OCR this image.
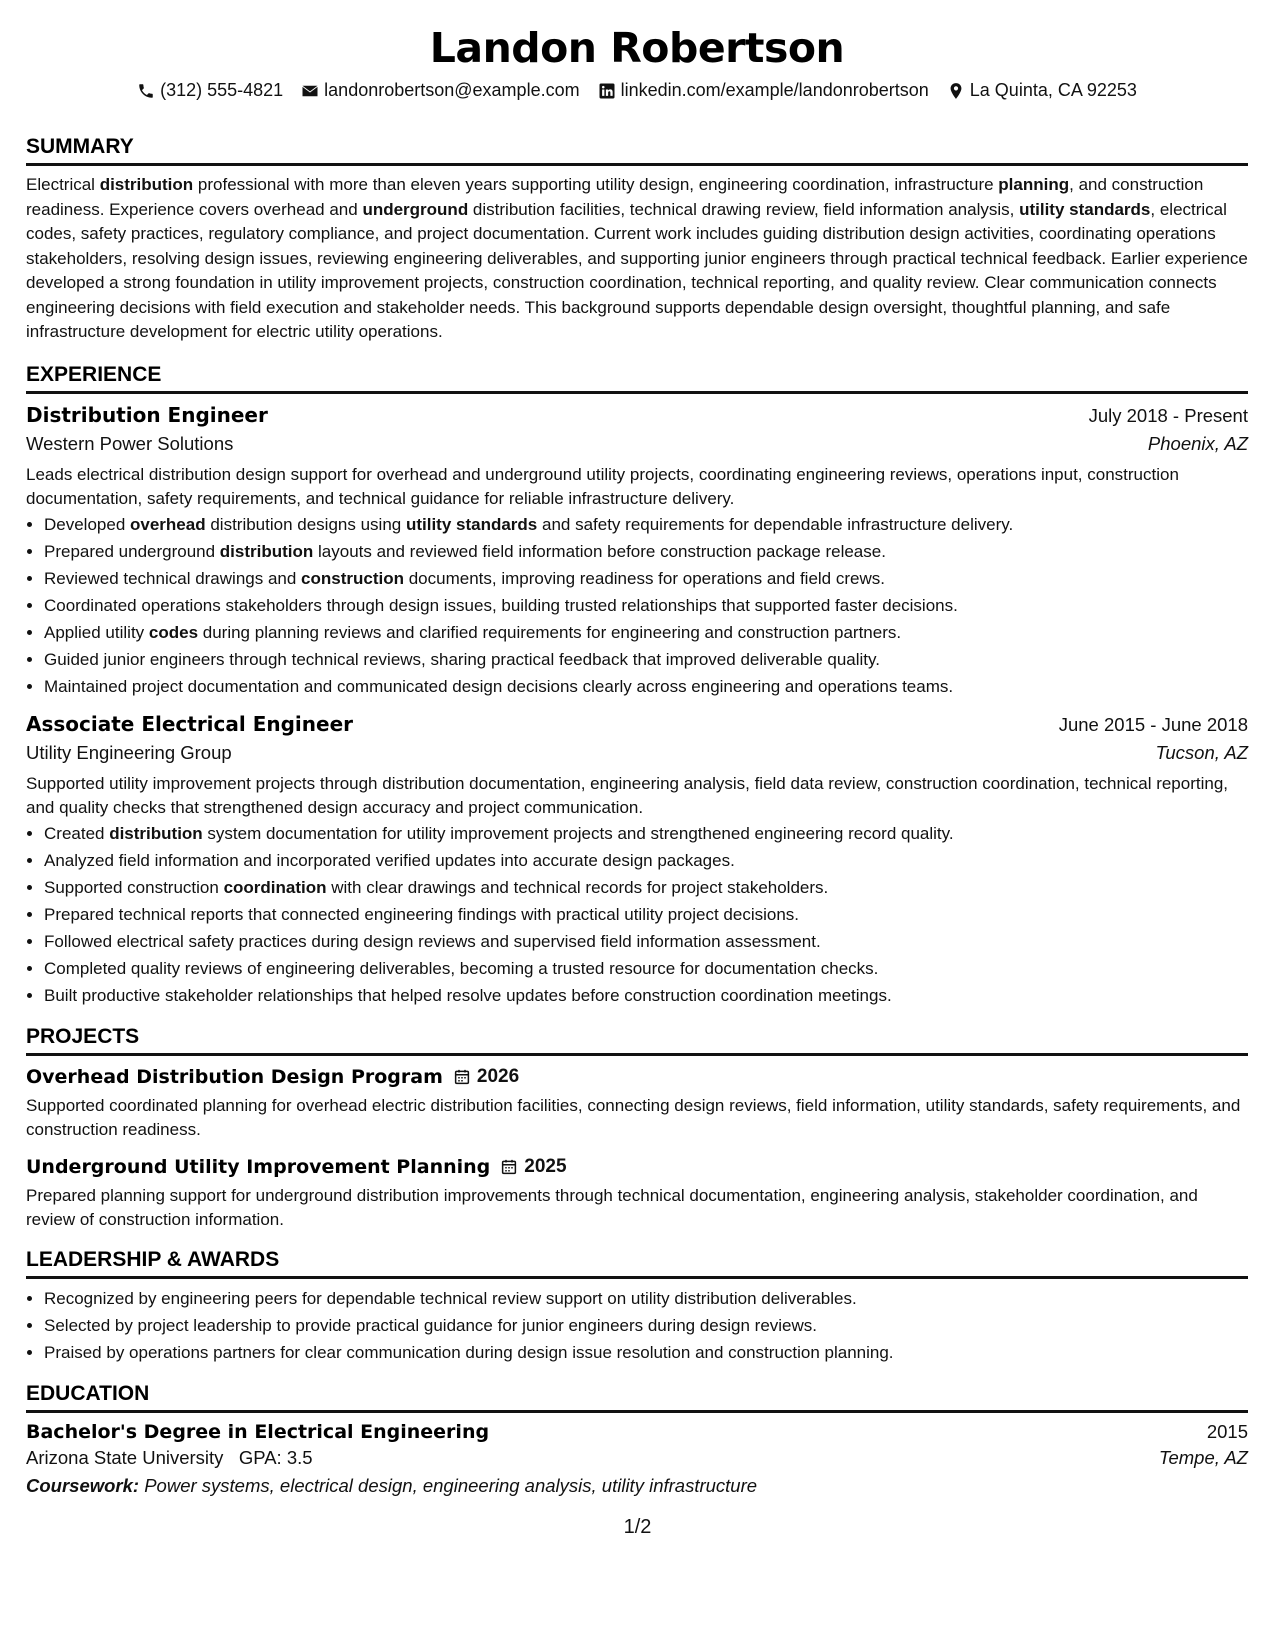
Landon Robertson
(312) 555-4821 landonrobertson@example.com linkedin.com/example/landonrobertson La Quinta, CA 92253
SUMMARY
Electrical distribution professional with more than eleven years supporting utility design, engineering coordination, infrastructure planning, and construction readiness. Experience covers overhead and underground distribution facilities, technical drawing review, field information analysis, utility standards, electrical codes, safety practices, regulatory compliance, and project documentation. Current work includes guiding distribution design activities, coordinating operations stakeholders, resolving design issues, reviewing engineering deliverables, and supporting junior engineers through practical technical feedback. Earlier experience developed a strong foundation in utility improvement projects, construction coordination, technical reporting, and quality review. Clear communication connects engineering decisions with field execution and stakeholder needs. This background supports dependable design oversight, thoughtful planning, and safe infrastructure development for electric utility operations.
EXPERIENCE
Distribution Engineer	July 2018 - Present
Western Power Solutions	Phoenix, AZ
Leads electrical distribution design support for overhead and underground utility projects, coordinating engineering reviews, operations input, construction documentation, safety requirements, and technical guidance for reliable infrastructure delivery.
• Developed overhead distribution designs using utility standards and safety requirements for dependable infrastructure delivery.
• Prepared underground distribution layouts and reviewed field information before construction package release.
• Reviewed technical drawings and construction documents, improving readiness for operations and field crews.
• Coordinated operations stakeholders through design issues, building trusted relationships that supported faster decisions.
• Applied utility codes during planning reviews and clarified requirements for engineering and construction partners.
• Guided junior engineers through technical reviews, sharing practical feedback that improved deliverable quality.
• Maintained project documentation and communicated design decisions clearly across engineering and operations teams.
Associate Electrical Engineer	June 2015 - June 2018
Utility Engineering Group	Tucson, AZ
Supported utility improvement projects through distribution documentation, engineering analysis, field data review, construction coordination, technical reporting, and quality checks that strengthened design accuracy and project communication.
• Created distribution system documentation for utility improvement projects and strengthened engineering record quality.
• Analyzed field information and incorporated verified updates into accurate design packages.
• Supported construction coordination with clear drawings and technical records for project stakeholders.
• Prepared technical reports that connected engineering findings with practical utility project decisions.
• Followed electrical safety practices during design reviews and supervised field information assessment.
• Completed quality reviews of engineering deliverables, becoming a trusted resource for documentation checks.
• Built productive stakeholder relationships that helped resolve updates before construction coordination meetings.
PROJECTS
Overhead Distribution Design Program 2026
Supported coordinated planning for overhead electric distribution facilities, connecting design reviews, field information, utility standards, safety requirements, and construction readiness.
Underground Utility Improvement Planning 2025
Prepared planning support for underground distribution improvements through technical documentation, engineering analysis, stakeholder coordination, and review of construction information.
LEADERSHIP & AWARDS
• Recognized by engineering peers for dependable technical review support on utility distribution deliverables.
• Selected by project leadership to provide practical guidance for junior engineers during design reviews.
• Praised by operations partners for clear communication during design issue resolution and construction planning.
EDUCATION
Bachelor's Degree in Electrical Engineering	2015
Arizona State University GPA: 3.5	Tempe, AZ
Coursework: Power systems, electrical design, engineering analysis, utility infrastructure
1/2
